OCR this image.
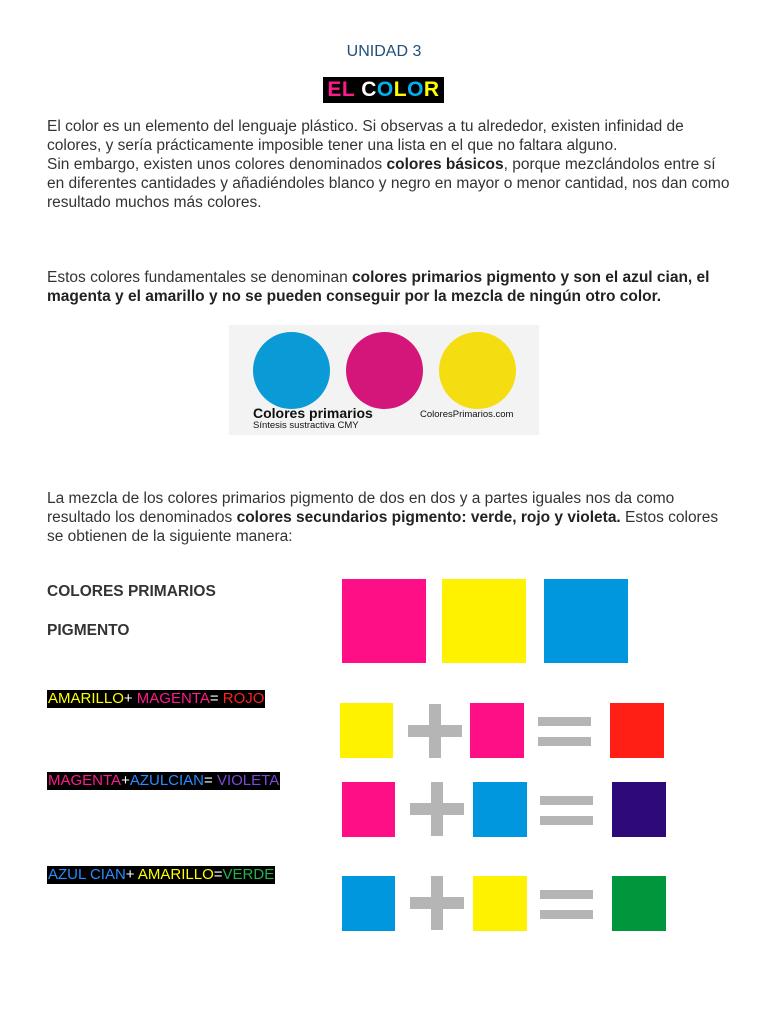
UNIDAD 3
EL COLOR
El color es un elemento del lenguaje plástico. Si observas a tu alrededor, existen infinidad de colores, y sería prácticamente imposible tener una lista en el que no faltara alguno.
Sin embargo, existen unos colores denominados colores básicos, porque mezclándolos entre sí en diferentes cantidades y añadiéndoles blanco y negro en mayor o menor cantidad, nos dan como resultado muchos más colores.
Estos colores fundamentales se denominan colores primarios pigmento y son el azul cian, el magenta y el amarillo y no se pueden conseguir por la mezcla de ningún otro color.
Colores primarios
Síntesis sustractiva CMY
ColoresPrimarios.com
La mezcla de los colores primarios pigmento de dos en dos y a partes iguales nos da como resultado los denominados colores secundarios pigmento: verde, rojo y violeta. Estos colores se obtienen de la siguiente manera:
COLORES PRIMARIOS
PIGMENTO
AMARILLO+ MAGENTA= ROJO
MAGENTA+AZULCIAN= VIOLETA
AZUL CIAN+ AMARILLO=VERDE
